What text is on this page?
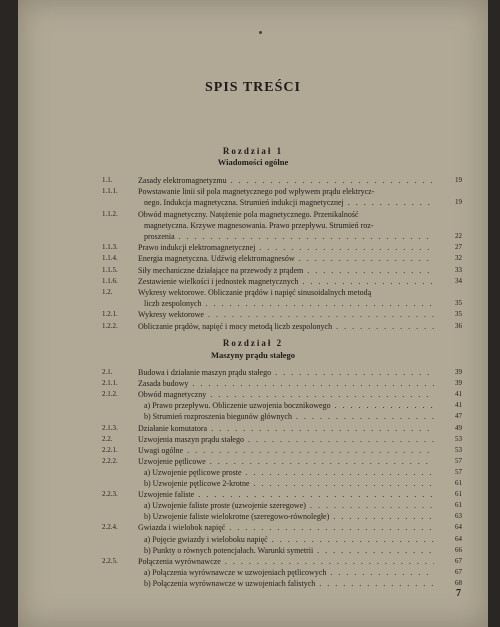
SPIS TREŚCI
Rozdział 1
Wiadomości ogólne
1.1.	Zasady elektromagnetyzmu . . .	19
1.1.1.	Powstawanie linii sił pola magnetycznego pod wpływem prądu elektrycz-
nego. Indukcja magnetyczna. Strumień indukcji magnetycznej . . .	19
1.1.2.	Obwód magnetyczny. Natężenie pola magnetycznego. Przenikalność
magnetyczna. Krzywe magnesowania. Prawo przepływu. Strumień roz-
proszenia . . .	22
1.1.3.	Prawo indukcji elektromagnetycznej . . .	27
1.1.4.	Energia magnetyczna. Udźwig elektromagnesów . . .	32
1.1.5.	Siły mechaniczne działające na przewody z prądem . . .	33
1.1.6.	Zestawienie wielkości i jednostek magnetycznych . . .	34
1.2.	Wykresy wektorowe. Obliczanie prądów i napięć sinusoidalnych metodą
liczb zespolonych . . .	35
1.2.1.	Wykresy wektorowe . . .	35
1.2.2.	Obliczanie prądów, napięć i mocy metodą liczb zespolonych . . .	36
Rozdział 2
Maszyny prądu stałego
2.1.	Budowa i działanie maszyn prądu stałego . . .	39
2.1.1.	Zasada budowy . . .	39
2.1.2.	Obwód magnetyczny . . .	41
a) Prawo przepływu. Obliczenie uzwojenia bocznikowego . . .	41
b) Strumień rozproszenia biegunów głównych . . .	47
2.1.3.	Działanie komutatora . . .	49
2.2.	Uzwojenia maszyn prądu stałego . . .	53
2.2.1.	Uwagi ogólne . . .	53
2.2.2.	Uzwojenie pętlicowe . . .	57
a) Uzwojenie pętlicowe proste . . .	57
b) Uzwojenie pętlicowe 2-krotne . . .	61
2.2.3.	Uzwojenie faliste . . .	61
a) Uzwojenie faliste proste (uzwojenie szeregowe) . . .	61
b) Uzwojenie faliste wielokrotne (szeregowo-równoległe) . . .	63
2.2.4.	Gwiazda i wielobok napięć . . .	64
a) Pojęcie gwiazdy i wieloboku napięć . . .	64
b) Punkty o równych potencjałach. Warunki symetrii . . .	66
2.2.5.	Połączenia wyrównawcze . . .	67
a) Połączenia wyrównawcze w uzwojeniach pętlicowych . . .	67
b) Połączenia wyrównawcze w uzwojeniach falistych . . .	68
7
